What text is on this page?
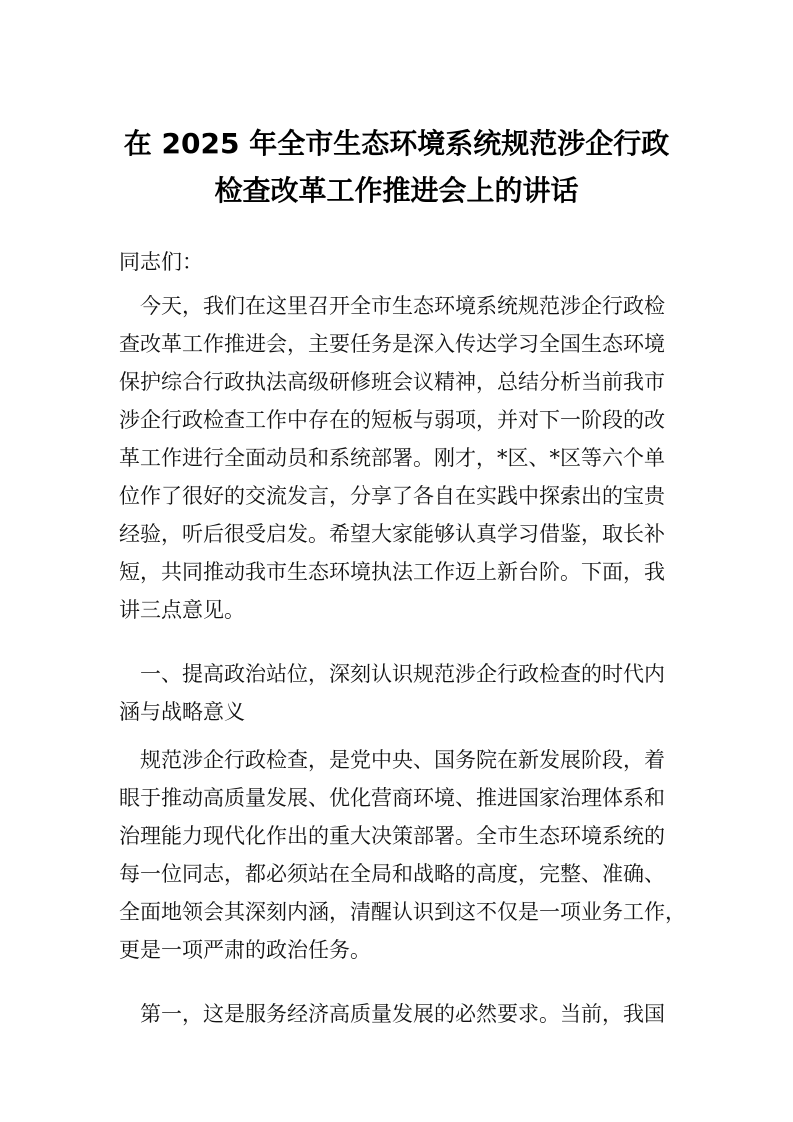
在 2025 年全市生态环境系统规范涉企行政
检查改革工作推进会上的讲话
同志们：
　今天，我们在这里召开全市生态环境系统规范涉企行政检
查改革工作推进会，主要任务是深入传达学习全国生态环境
保护综合行政执法高级研修班会议精神，总结分析当前我市
涉企行政检查工作中存在的短板与弱项，并对下一阶段的改
革工作进行全面动员和系统部署。刚才，*区、*区等六个单
位作了很好的交流发言，分享了各自在实践中探索出的宝贵
经验，听后很受启发。希望大家能够认真学习借鉴，取长补
短，共同推动我市生态环境执法工作迈上新台阶。下面，我
讲三点意见。
　一、提高政治站位，深刻认识规范涉企行政检查的时代内
涵与战略意义
　规范涉企行政检查，是党中央、国务院在新发展阶段，着
眼于推动高质量发展、优化营商环境、推进国家治理体系和
治理能力现代化作出的重大决策部署。全市生态环境系统的
每一位同志，都必须站在全局和战略的高度，完整、准确、
全面地领会其深刻内涵，清醒认识到这不仅是一项业务工作，
更是一项严肃的政治任务。
　第一，这是服务经济高质量发展的必然要求。当前，我国
